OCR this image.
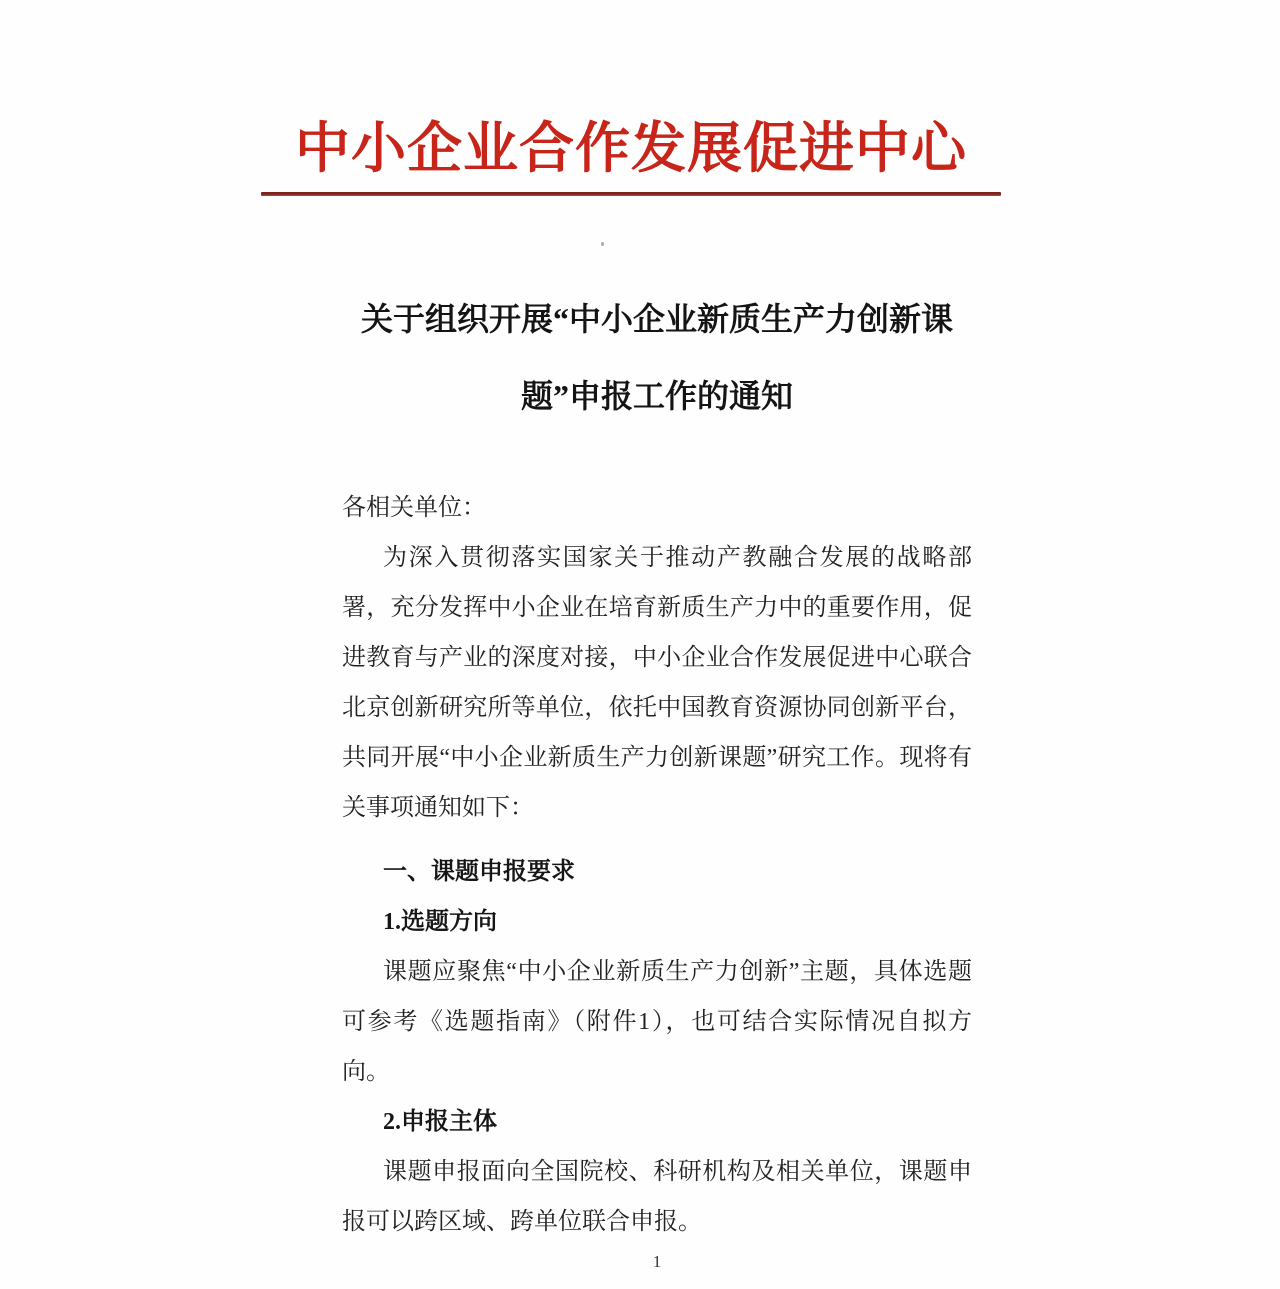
中小企业合作发展促进中心
关于组织开展“中小企业新质生产力创新课
题”申报工作的通知

各相关单位：

为深入贯彻落实国家关于推动产教融合发展的战略部署，充分发挥中小企业在培育新质生产力中的重要作用，促进教育与产业的深度对接，中小企业合作发展促进中心联合北京创新研究所等单位，依托中国教育资源协同创新平台，共同开展“中小企业新质生产力创新课题”研究工作。现将有关事项通知如下：

一、课题申报要求

1.选题方向

课题应聚焦“中小企业新质生产力创新”主题，具体选题可参考《选题指南》（附件1），也可结合实际情况自拟方向。

2.申报主体

课题申报面向全国院校、科研机构及相关单位，课题申报可以跨区域、跨单位联合申报。

1
